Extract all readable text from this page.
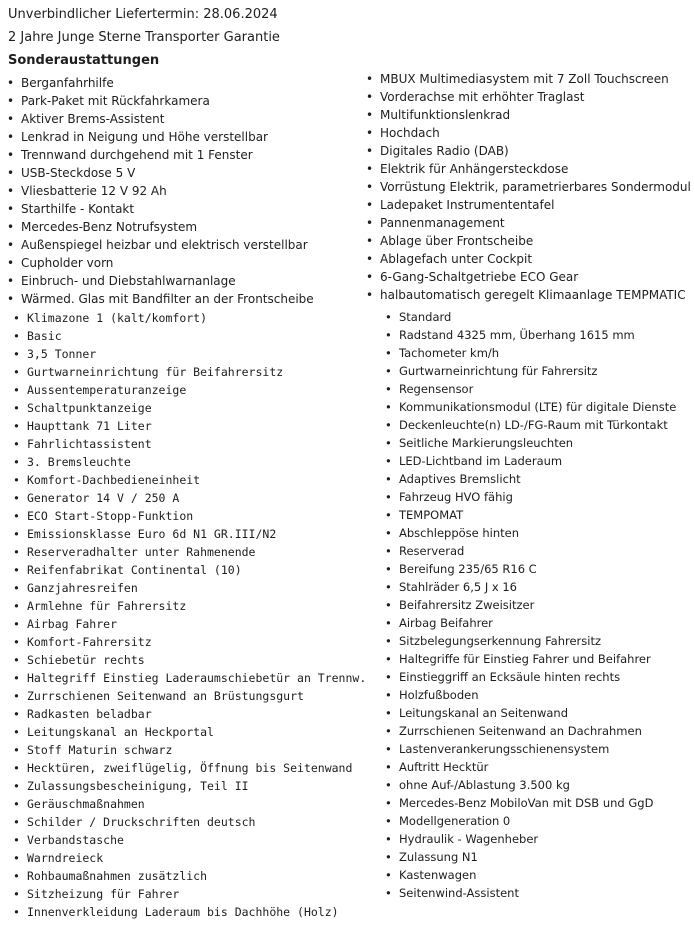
Unverbindlicher Liefertermin: 28.06.2024
2 Jahre Junge Sterne Transporter Garantie
Sonderaustattungen
• Berganfahrhilfe
• Park-Paket mit Rückfahrkamera
• Aktiver Brems-Assistent
• Lenkrad in Neigung und Höhe verstellbar
• Trennwand durchgehend mit 1 Fenster
• USB-Steckdose 5 V
• Vliesbatterie 12 V 92 Ah
• Starthilfe - Kontakt
• Mercedes-Benz Notrufsystem
• Außenspiegel heizbar und elektrisch verstellbar
• Cupholder vorn
• Einbruch- und Diebstahlwarnanlage
• Wärmed. Glas mit Bandfilter an der Frontscheibe
• MBUX Multimediasystem mit 7 Zoll Touchscreen
• Vorderachse mit erhöhter Traglast
• Multifunktionslenkrad
• Hochdach
• Digitales Radio (DAB)
• Elektrik für Anhängersteckdose
• Vorrüstung Elektrik, parametrierbares Sondermodul
• Ladepaket Instrumententafel
• Pannenmanagement
• Ablage über Frontscheibe
• Ablagefach unter Cockpit
• 6-Gang-Schaltgetriebe ECO Gear
• halbautomatisch geregelt Klimaanlage TEMPMATIC
• Klimazone 1 (kalt/komfort)
• Basic
• 3,5 Tonner
• Gurtwarneinrichtung für Beifahrersitz
• Aussentemperaturanzeige
• Schaltpunktanzeige
• Haupttank 71 Liter
• Fahrlichtassistent
• 3. Bremsleuchte
• Komfort-Dachbedieneinheit
• Generator 14 V / 250 A
• ECO Start-Stopp-Funktion
• Emissionsklasse Euro 6d N1 GR.III/N2
• Reserveradhalter unter Rahmenende
• Reifenfabrikat Continental (10)
• Ganzjahresreifen
• Armlehne für Fahrersitz
• Airbag Fahrer
• Komfort-Fahrersitz
• Schiebetür rechts
• Haltegriff Einstieg Laderaumschiebetür an Trennw.
• Zurrschienen Seitenwand an Brüstungsgurt
• Radkasten beladbar
• Leitungskanal an Heckportal
• Stoff Maturin schwarz
• Hecktüren, zweiflügelig, Öffnung bis Seitenwand
• Zulassungsbescheinigung, Teil II
• Geräuschmaßnahmen
• Schilder / Druckschriften deutsch
• Verbandstasche
• Warndreieck
• Rohbaumaßnahmen zusätzlich
• Sitzheizung für Fahrer
• Innenverkleidung Laderaum bis Dachhöhe (Holz)
• Standard
• Radstand 4325 mm, Überhang 1615 mm
• Tachometer km/h
• Gurtwarneinrichtung für Fahrersitz
• Regensensor
• Kommunikationsmodul (LTE) für digitale Dienste
• Deckenleuchte(n) LD-/FG-Raum mit Türkontakt
• Seitliche Markierungsleuchten
• LED-Lichtband im Laderaum
• Adaptives Bremslicht
• Fahrzeug HVO fähig
• TEMPOMAT
• Abschleppöse hinten
• Reserverad
• Bereifung 235/65 R16 C
• Stahlräder 6,5 J x 16
• Beifahrersitz Zweisitzer
• Airbag Beifahrer
• Sitzbelegungserkennung Fahrersitz
• Haltegriffe für Einstieg Fahrer und Beifahrer
• Einstieggriff an Ecksäule hinten rechts
• Holzfußboden
• Leitungskanal an Seitenwand
• Zurrschienen Seitenwand an Dachrahmen
• Lastenverankerungsschienensystem
• Auftritt Hecktür
• ohne Auf-/Ablastung 3.500 kg
• Mercedes-Benz MobiloVan mit DSB und GgD
• Modellgeneration 0
• Hydraulik - Wagenheber
• Zulassung N1
• Kastenwagen
• Seitenwind-Assistent
